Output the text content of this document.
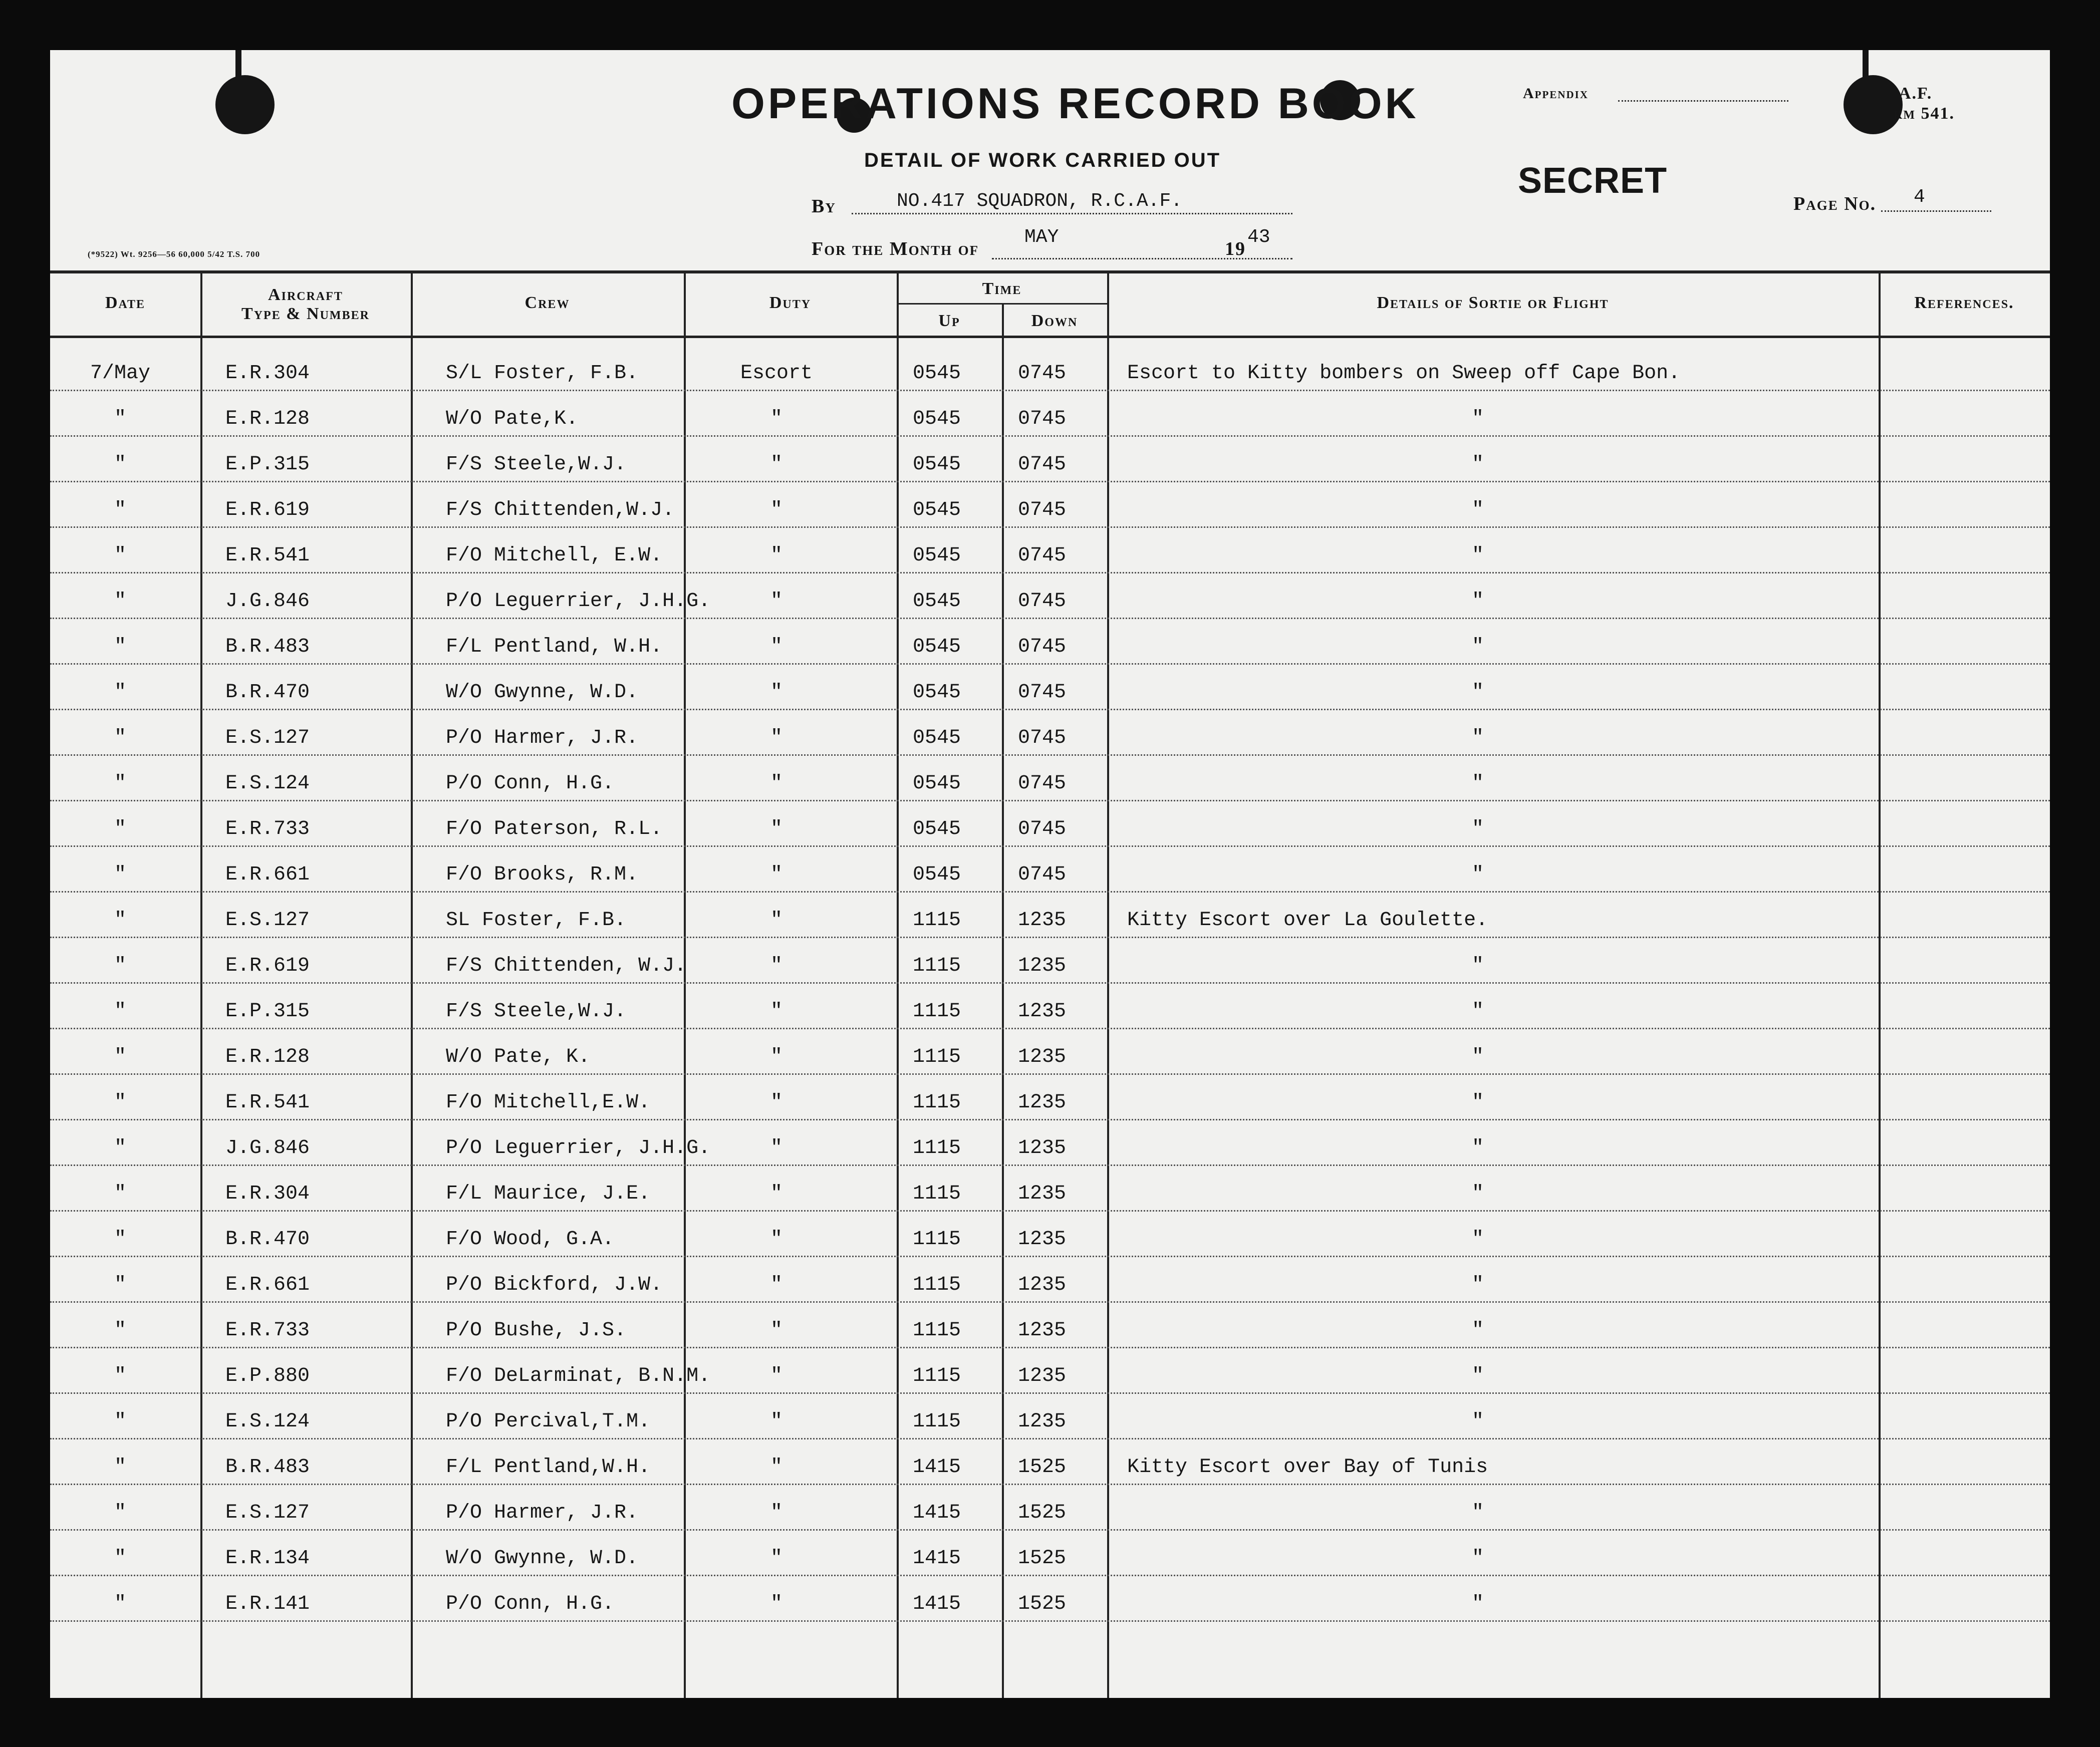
OPERATIONS RECORD BOOK
DETAIL OF WORK CARRIED OUT
By	NO.417 SQUADRON, R.C.A.F.
For the Month of
MAY
19
43
Appendix	A.F.
rm 541.
SECRET
Page No. 4
(*9522) Wt. 9256—56 60,000 5/42 T.S. 700
Date	Aircraft
Type & Number
Crew	Duty
Time
Up	Down
Details of Sortie or Flight	References.
7/May	E.R.304	S/L Foster, F.B.	Escort	0545	0745	Escort to Kitty bombers on Sweep off Cape Bon.
"	E.R.128	W/O Pate,K.	"	0545	0745	"
"	E.P.315	F/S Steele,W.J.	"	0545	0745	"
"	E.R.619	F/S Chittenden,W.J.	"	0545	0745	"
"	E.R.541	F/O Mitchell, E.W.	"	0545	0745	"
"	J.G.846	P/O Leguerrier, J.H.G.	"	0545	0745	"
"	B.R.483	F/L Pentland, W.H.	"	0545	0745	"
"	B.R.470	W/O Gwynne, W.D.	"	0545	0745	"
"	E.S.127	P/O Harmer, J.R.	"	0545	0745	"
"	E.S.124	P/O Conn, H.G.	"	0545	0745	"
"	E.R.733	F/O Paterson, R.L.	"	0545	0745	"
"	E.R.661	F/O Brooks, R.M.	"	0545	0745	"
"	E.S.127	SL Foster, F.B.	"	1115	1235	Kitty Escort over La Goulette.
"	E.R.619	F/S Chittenden, W.J.	"	1115	1235	"
"	E.P.315	F/S Steele,W.J.	"	1115	1235	"
"	E.R.128	W/O Pate, K.	"	1115	1235	"
"	E.R.541	F/O Mitchell,E.W.	"	1115	1235	"
"	J.G.846	P/O Leguerrier, J.H.G.	"	1115	1235	"
"	E.R.304	F/L Maurice, J.E.	"	1115	1235	"
"	B.R.470	F/O Wood, G.A.	"	1115	1235	"
"	E.R.661	P/O Bickford, J.W.	"	1115	1235	"
"	E.R.733	P/O Bushe, J.S.	"	1115	1235	"
"	E.P.880	F/O DeLarminat, B.N.M.	"	1115	1235	"
"	E.S.124	P/O Percival,T.M.	"	1115	1235	"
"	B.R.483	F/L Pentland,W.H.	"	1415	1525	Kitty Escort over Bay of Tunis
"	E.S.127	P/O Harmer, J.R.	"	1415	1525	"
"	E.R.134	W/O Gwynne, W.D.	"	1415	1525	"
"	E.R.141	P/O Conn, H.G.	"	1415	1525	"
